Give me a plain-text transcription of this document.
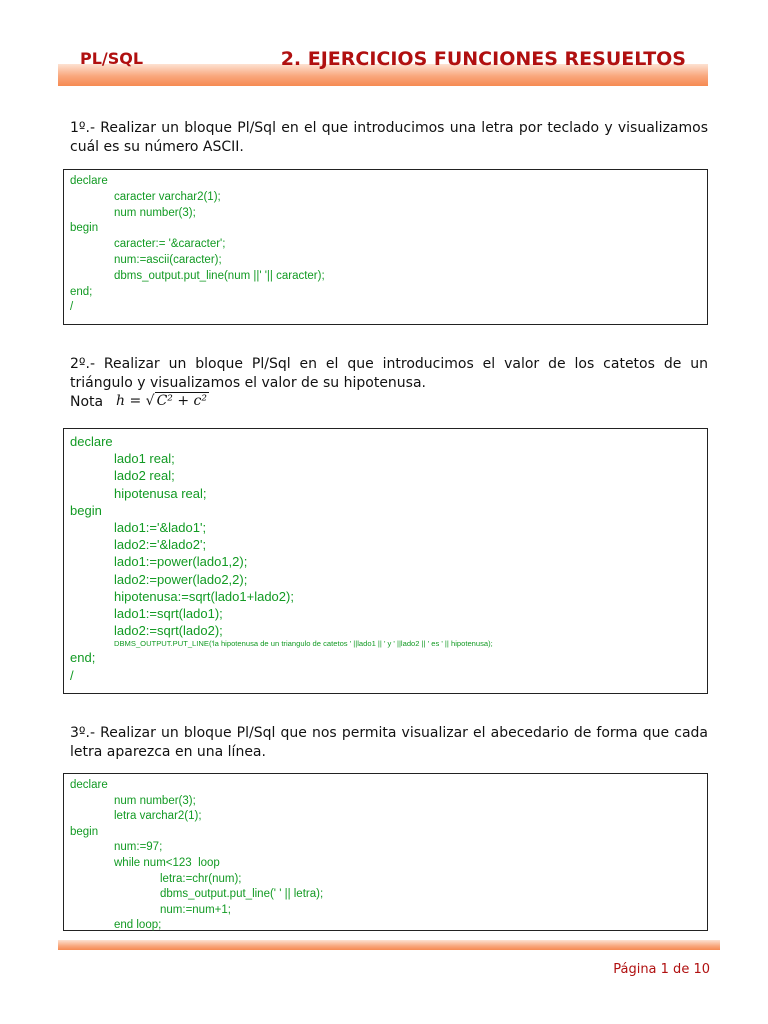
PL/SQL	2. EJERCICIOS FUNCIONES RESUELTOS

1º.- Realizar un bloque Pl/Sql en el que introducimos una letra por teclado y visualizamos cuál es su número ASCII.

declare
caracter varchar2(1);
num number(3);
begin
caracter:= '&caracter';
num:=ascii(caracter);
dbms_output.put_line(num ||' '|| caracter);
end;
/

2º.- Realizar un bloque Pl/Sql en el que introducimos el valor de los catetos de un triángulo y visualizamos el valor de su hipotenusa.

Nota h = √ C² + c²
declare
lado1 real;
lado2 real;
hipotenusa real;
begin
lado1:='&lado1';
lado2:='&lado2';
lado1:=power(lado1,2);
lado2:=power(lado2,2);
hipotenusa:=sqrt(lado1+lado2);
lado1:=sqrt(lado1);
lado2:=sqrt(lado2);
DBMS_OUTPUT.PUT_LINE('la hipotenusa de un triangulo de catetos ' ||lado1 || ' y ' ||lado2 || ' es ' || hipotenusa);
end;
/

3º.- Realizar un bloque Pl/Sql que nos permita visualizar el abecedario de forma que cada letra aparezca en una línea.

declare
num number(3);
letra varchar2(1);
begin
num:=97;
while num<123  loop
letra:=chr(num);
dbms_output.put_line(' ' || letra);
num:=num+1;
end loop;
Página 1 de 10
